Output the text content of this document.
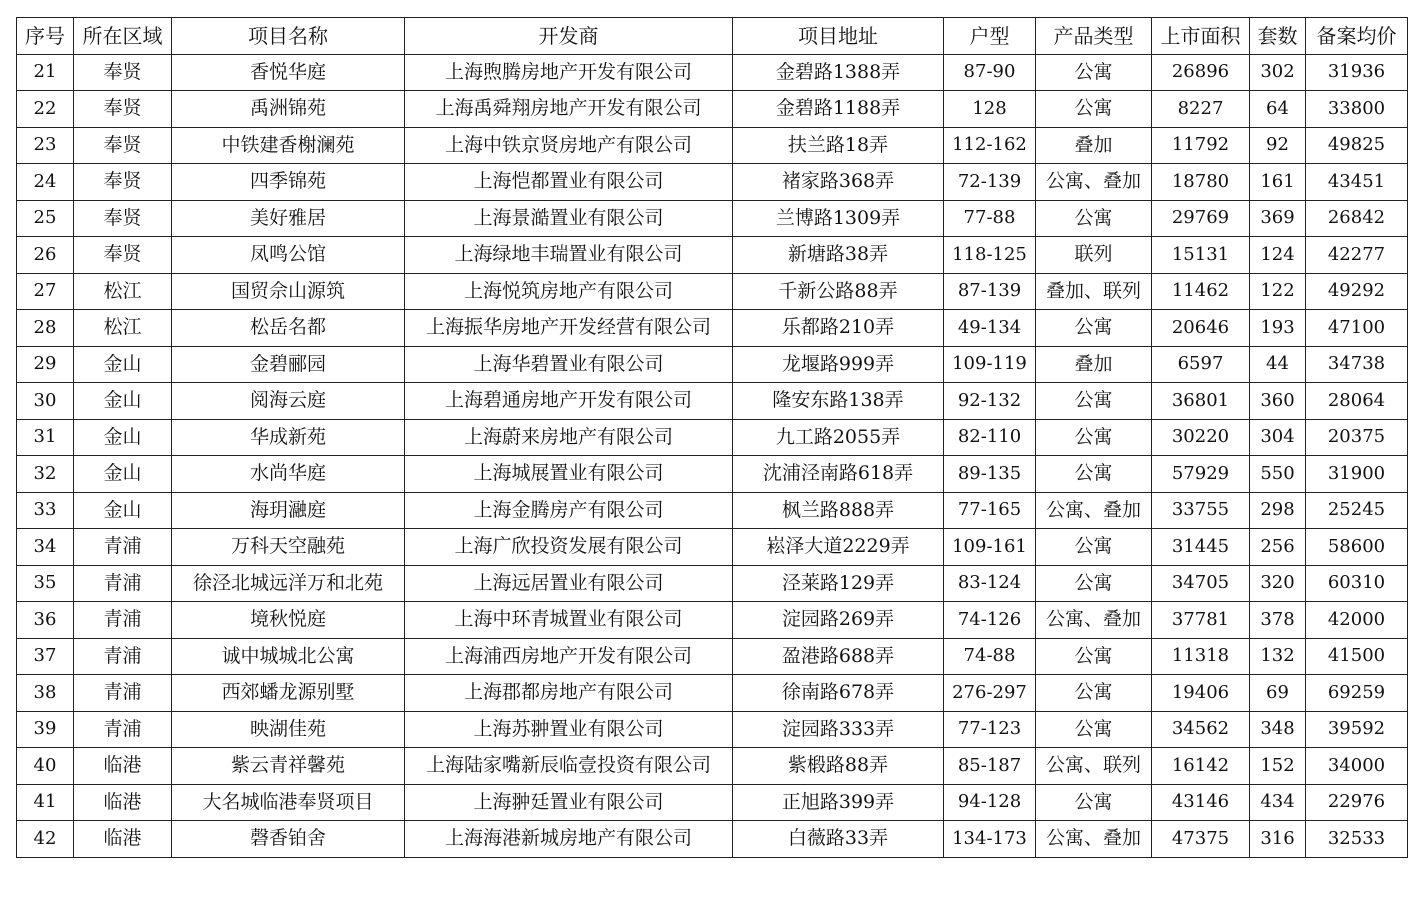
序号	所在区域	项目名称	开发商	项目地址	户型	产品类型	上市面积	套数	备案均价
21	奉贤	香悦华庭	上海煦腾房地产开发有限公司	金碧路1388弄	87-90	公寓	26896	302	31936
22	奉贤	禹洲锦苑	上海禹舜翔房地产开发有限公司	金碧路1188弄	128	公寓	8227	64	33800
23	奉贤	中铁建香榭澜苑	上海中铁京贤房地产有限公司	扶兰路18弄	112-162	叠加	11792	92	49825
24	奉贤	四季锦苑	上海恺都置业有限公司	褚家路368弄	72-139	公寓、叠加	18780	161	43451
25	奉贤	美好雅居	上海景澔置业有限公司	兰博路1309弄	77-88	公寓	29769	369	26842
26	奉贤	凤鸣公馆	上海绿地丰瑞置业有限公司	新塘路38弄	118-125	联列	15131	124	42277
27	松江	国贸佘山源筑	上海悦筑房地产有限公司	千新公路88弄	87-139	叠加、联列	11462	122	49292
28	松江	松岳名都	上海振华房地产开发经营有限公司	乐都路210弄	49-134	公寓	20646	193	47100
29	金山	金碧郦园	上海华碧置业有限公司	龙堰路999弄	109-119	叠加	6597	44	34738
30	金山	阅海云庭	上海碧通房地产开发有限公司	隆安东路138弄	92-132	公寓	36801	360	28064
31	金山	华成新苑	上海蔚来房地产有限公司	九工路2055弄	82-110	公寓	30220	304	20375
32	金山	水尚华庭	上海城展置业有限公司	沈浦泾南路618弄	89-135	公寓	57929	550	31900
33	金山	海玥瀜庭	上海金腾房产有限公司	枫兰路888弄	77-165	公寓、叠加	33755	298	25245
34	青浦	万科天空融苑	上海广欣投资发展有限公司	崧泽大道2229弄	109-161	公寓	31445	256	58600
35	青浦	徐泾北城远洋万和北苑	上海远居置业有限公司	泾莱路129弄	83-124	公寓	34705	320	60310
36	青浦	境秋悦庭	上海中环青城置业有限公司	淀园路269弄	74-126	公寓、叠加	37781	378	42000
37	青浦	诚中城城北公寓	上海浦西房地产开发有限公司	盈港路688弄	74-88	公寓	11318	132	41500
38	青浦	西郊蟠龙源别墅	上海郡都房地产有限公司	徐南路678弄	276-297	公寓	19406	69	69259
39	青浦	映湖佳苑	上海苏翀置业有限公司	淀园路333弄	77-123	公寓	34562	348	39592
40	临港	紫云青祥馨苑	上海陆家嘴新辰临壹投资有限公司	紫椴路88弄	85-187	公寓、联列	16142	152	34000
41	临港	大名城临港奉贤项目	上海翀廷置业有限公司	正旭路399弄	94-128	公寓	43146	434	22976
42	临港	磬香铂舍	上海海港新城房地产有限公司	白薇路33弄	134-173	公寓、叠加	47375	316	32533
